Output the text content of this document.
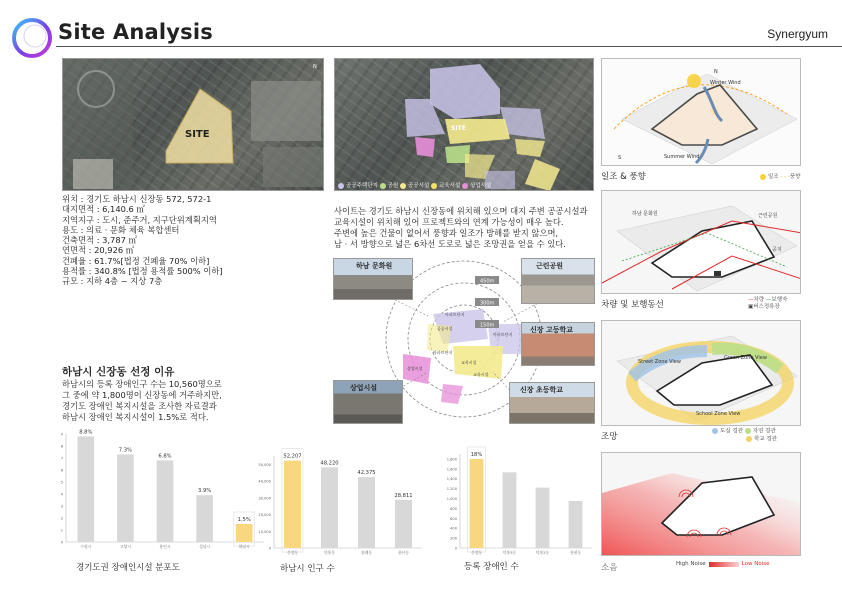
Site Analysis	Synergyum
N
SITE
위치 : 경기도 하남시 신장동 572, 572-1
대지면적 : 6,140.6 ㎡
지역지구 : 도시, 준주거, 지구단위계획지역
용도 : 의료 · 문화 체육 복합센터
건축면적 : 3,787 ㎡
연면적 : 20,926 ㎡
건폐율 : 61.7%[법정 건폐율 70% 이하]
용적률 : 340.8% [법정 용적률 500% 이하]
규모 : 지하 4층 ~ 지상 7층
SITE
공공주택단지 공원 공공시설 교육시설 상업시설
사이트는 경기도 하남시 신장동에 위치해 있으며 대지 주변 공공시설과
교육시설이 위치해 있어 프로젝트와의 연계 가능성이 매우 높다.
주변에 높은 건물이 없어서 풍향과 일조가 방해를 받지 않으며,
남 · 서 방향으로 넓은 6차선 도로로 넓은 조망권을 얻을 수 있다.
450m
300m
150m
공공시설
교육시설
교육시설
상업시설
아파트단지
아파트단지
아파트단지
하남 문화원	근린공원
신장 고등학교
상업시설	신장 초등학교
하남시 신장동 선정 이유
하남시의 등록 장애인구 수는 10,560명으로
그 중에 약 1,800명이 신장동에 거주하지만,
경기도 장애인 복지시설을 조사한 자료결과
하남시 장애인 복지시설이 1.5%로 적다.
0
1
2
3
4
5
6
7
8
9	8.8%
수원시
7.3%
고양시
6.8%
용인시
3.9%
성남시
1.5%
하남시
경기도권 장애인시설 분포도
0
10,000
20,000
30,000
40,000
50,000
52,207
신장동
48,220
덕풍동
42,375
위례동
28,811
풍산동
하남시 인구 수
0
200
400
600
800
1,000
1,200
1,400
1,600
1,800
18%
신장동	덕풍3동	덕풍2동	천현동
등록 장애인 수
Winter Wind
Summer Wind
N
S
일조 & 풍향	일조 - - -풍향
하남 문화원	근린공원
공지
차량 및 보행동선	—차량 —보행자
▣버스정류장
Street Zone View
Green Zone View
School Zone View
조망
도심 경관 자연 경관
학교 경관
소음	High Noise	Low Noise
